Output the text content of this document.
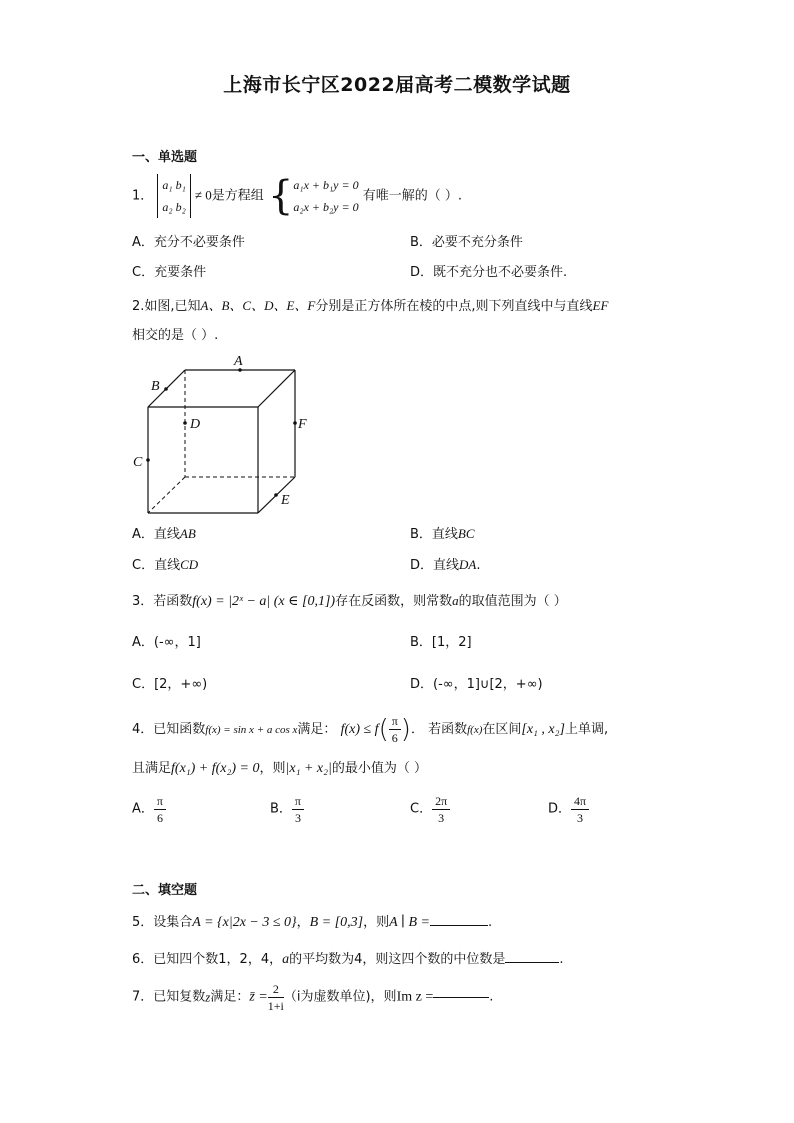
上海市长宁区2022届高考二模数学试题
一、单选题
1．
a₁ b₁
a₂ b₂
≠ 0是方程组 { a₁x + b₁y = 0
a₂x + b₂y = 0
有唯一解的（ ）.
A．充分不必要条件	B．必要不充分条件
C．充要条件	D．既不充分也不必要条件.
2.如图,已知A、B、C、D、E、F分别是正方体所在棱的中点,则下列直线中与直线EF
相交的是（ ）.
A
B
C
D
E
F
A．直线AB	B．直线BC
C．直线CD	D．直线DA.
3．若函数f(x) = |2ˣ − a| (x ∈ [0,1])存在反函数，则常数a的取值范围为（ ）
A．(-∞，1]	B．[1，2]
C．[2，+∞)	D．(-∞，1]∪[2，+∞)
4．已知函数f(x) = sin x + a cos x满足： $f(x) \le f( \frac{\pi}{6}$ )． 若函数f(x)在区间[x₁ , x₂]上单调,
且满足f(x₁) + f(x₂) = 0，则|x₁ + x₂|的最小值为（ ）
A． $\frac{\pi}{6}$	B． $\frac{\pi}{3}$	C． $\frac{2\pi}{3}$	D． $\frac{4\pi}{3}$
二、填空题
5．设集合A = {x|2x − 3 ≤ 0}，B = [0,3]，则A ∣ B =	.
6．已知四个数1，2，4，a的平均数为4，则这四个数的中位数是	.
7．已知复数z满足：z̄ = $\frac{2}{1+i} (i$为虚数单位)，则Im z =	.
